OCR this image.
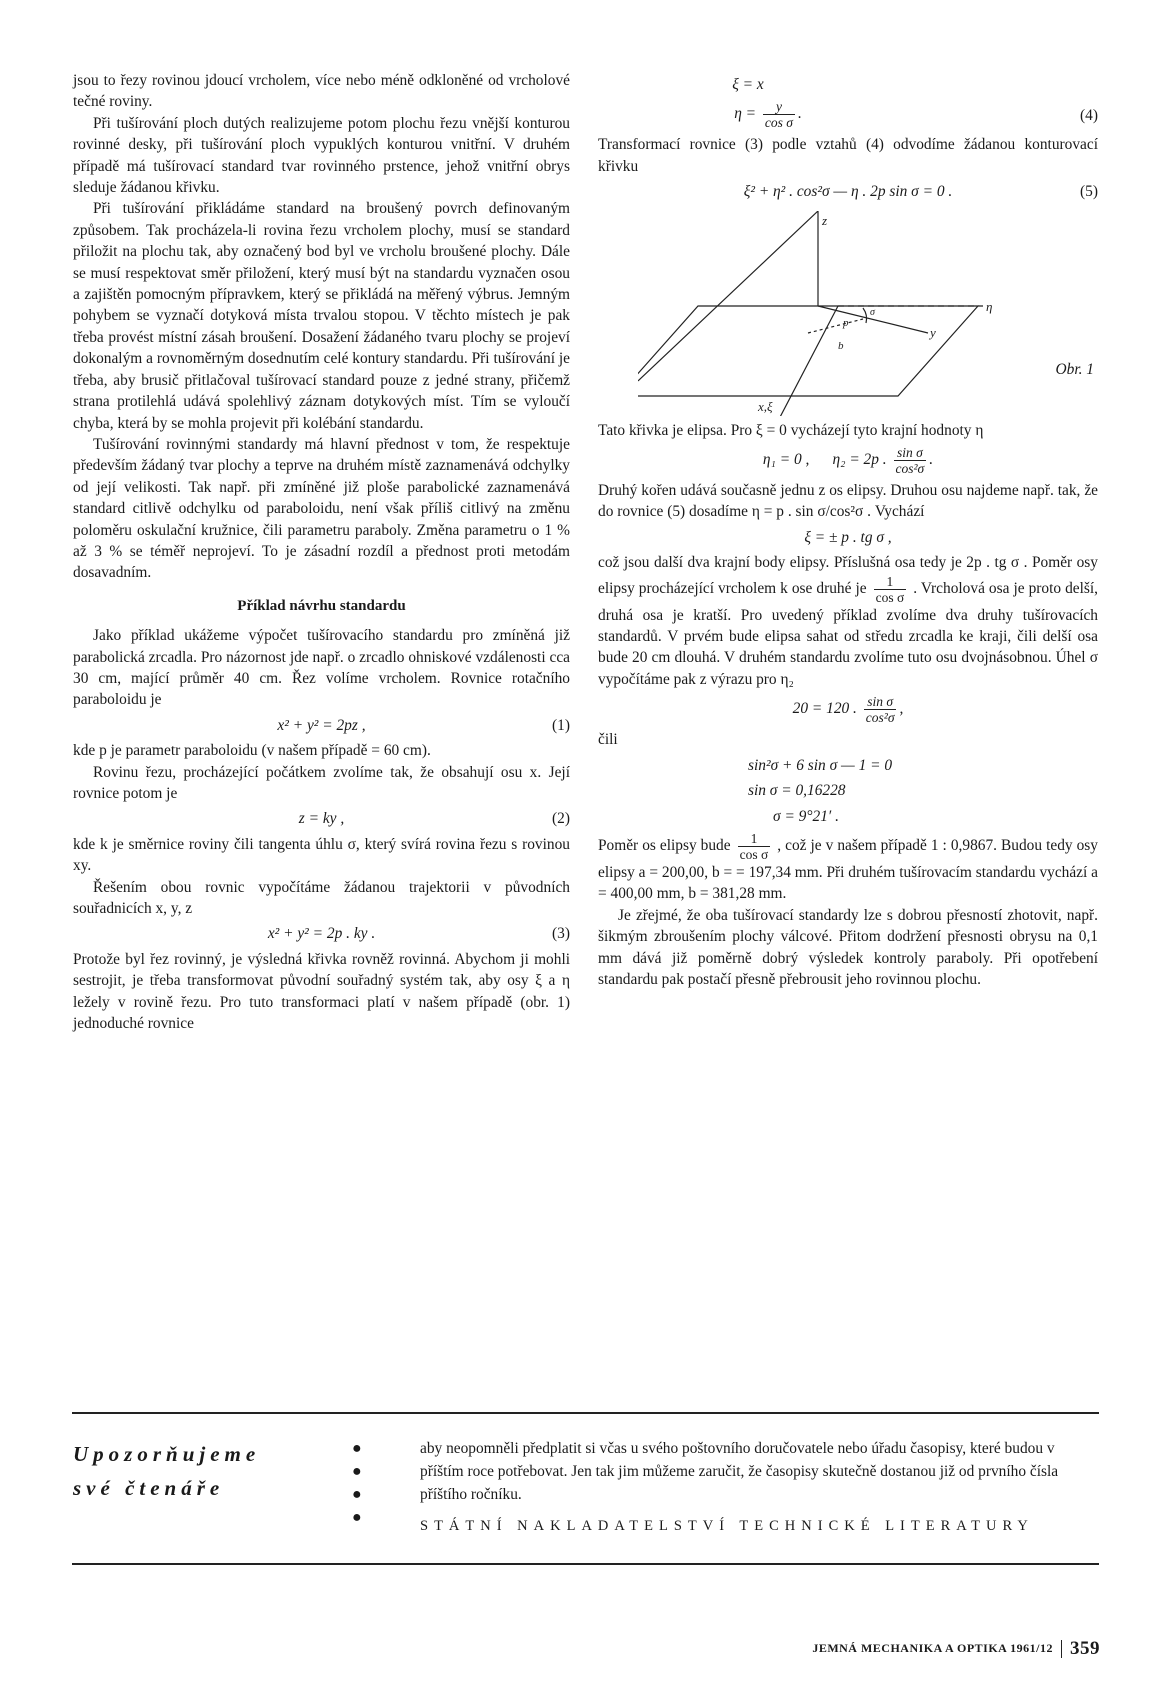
jsou to řezy rovinou jdoucí vrcholem, více nebo méně odkloněné od vrcholové tečné roviny.

Při tušírování ploch dutých realizujeme potom plochu řezu vnější konturou rovinné desky, při tušírování ploch vypuklých konturou vnitřní. V druhém případě má tušírovací standard tvar rovinného prstence, jehož vnitřní obrys sleduje žádanou křivku.

Při tušírování přikládáme standard na broušený povrch definovaným způsobem. Tak procházela-li rovina řezu vrcholem plochy, musí se standard přiložit na plochu tak, aby označený bod byl ve vrcholu broušené plochy. Dále se musí respektovat směr přiložení, který musí být na standardu vyznačen osou a zajištěn pomocným přípravkem, který se přikládá na měřený výbrus. Jemným pohybem se vyznačí dotyková místa trvalou stopou. V těchto místech je pak třeba provést místní zásah broušení. Dosažení žádaného tvaru plochy se projeví dokonalým a rovnoměrným dosednutím celé kontury standardu. Při tušírování je třeba, aby brusič přitlačoval tušírovací standard pouze z jedné strany, přičemž strana protilehlá udává spolehlivý záznam dotykových míst. Tím se vyloučí chyba, která by se mohla projevit při kolébání standardu.

Tušírování rovinnými standardy má hlavní přednost v tom, že respektuje především žádaný tvar plochy a teprve na druhém místě zaznamenává odchylky od její velikosti. Tak např. při zmíněné již ploše parabolické zaznamenává standard citlivě odchylku od paraboloidu, není však příliš citlivý na změnu poloměru oskulační kružnice, čili parametru paraboly. Změna parametru o 1 % až 3 % se téměř neprojeví. To je zásadní rozdíl a přednost proti metodám dosavadním.

Příklad návrhu standardu

Jako příklad ukážeme výpočet tušírovacího standardu pro zmíněná již parabolická zrcadla. Pro názornost jde např. o zrcadlo ohniskové vzdálenosti cca 30 cm, mající průměr 40 cm. Řez volíme vrcholem. Rovnice rotačního paraboloidu je

x² + y² = 2pz ,	(1)

kde p je parametr paraboloidu (v našem případě = 60 cm).

Rovinu řezu, procházející počátkem zvolíme tak, že obsahují osu x. Její rovnice potom je

z = ky ,	(2)

kde k je směrnice roviny čili tangenta úhlu σ, který svírá rovina řezu s rovinou xy.

Řešením obou rovnic vypočítáme žádanou trajektorii v původních souřadnicích x, y, z

x² + y² = 2p . ky .	(3)

Protože byl řez rovinný, je výsledná křivka rovněž rovinná. Abychom ji mohli sestrojit, je třeba transformovat původní souřadný systém tak, aby osy ξ a η ležely v rovině řezu. Pro tuto transformaci platí v našem případě (obr. 1) jednoduché rovnice

ξ = x
$\eta = \frac{y}{\text{cos σ}}$ .	(4)

Transformací rovnice (3) podle vztahů (4) odvodíme žádanou konturovací křivku

ξ² + η² . cos²σ — η . 2p sin σ = 0 .	(5)
z
η
y
x,ξ
σ
p
b
Obr. 1

Tato křivka je elipsa. Pro ξ = 0 vycházejí tyto krajní hodnoty η

η₁ = 0 , η₂ = 2p . $\frac{\text{sin σ}}{\text{cos²σ}}$ .

Druhý kořen udává současně jednu z os elipsy. Druhou osu najdeme např. tak, že do rovnice (5) dosadíme η = p . sin σ/cos²σ . Vychází

ξ = ± p . tg σ ,

což jsou další dva krajní body elipsy. Příslušná osa tedy je 2p . tg σ . Poměr osy elipsy procházející vrcholem k ose druhé je $\frac{1}{\text{cos σ}}$ . Vrcholová osa je proto delší, druhá osa je kratší. Pro uvedený příklad zvolíme dva druhy tušírovacích standardů. V prvém bude elipsa sahat od středu zrcadla ke kraji, čili delší osa bude 20 cm dlouhá. V druhém standardu zvolíme tuto osu dvojnásobnou. Úhel σ vypočítáme pak z výrazu pro η₂

20 = 120 . $\frac{\text{sin σ}}{\text{cos²σ}}$ ,

čili

sin²σ + 6 sin σ — 1 = 0
sin σ = 0,16228
σ = 9°21′ .

Poměr os elipsy bude $\frac{1}{\text{cos σ}}$ , což je v našem případě 1 : 0,9867. Budou tedy osy elipsy a = 200,00, b = = 197,34 mm. Při druhém tušírovacím standardu vychází a = 400,00 mm, b = 381,28 mm.

Je zřejmé, že oba tušírovací standardy lze s dobrou přesností zhotovit, např. šikmým zbroušením plochy válcové. Přitom dodržení přesnosti obrysu na 0,1 mm dává již poměrně dobrý výsledek kontroly paraboly. Při opotřebení standardu pak postačí přesně přebrousit jeho rovinnou plochu.

Upozorňujeme
své čtenáře
●
●
●
●
aby neopomněli předplatit si včas u svého poštovního doručovatele nebo úřadu časopisy, které budou v příštím roce potřebovat. Jen tak jim můžeme zaručit, že časopisy skutečně dostanou již od prvního čísla příštího ročníku.
STÁTNÍ NAKLADATELSTVÍ TECHNICKÉ LITERATURY
JEMNÁ MECHANIKA A OPTIKA 1961/12 359
